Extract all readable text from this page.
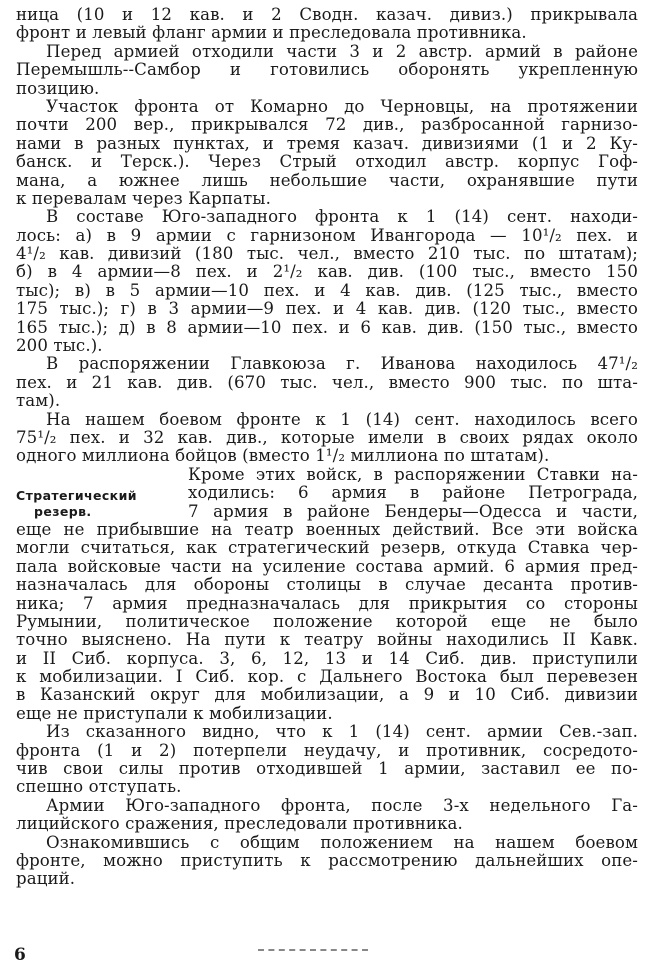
ница (10 и 12 кав. и 2 Сводн. казач. дивиз.) прикрывала
фронт и левый фланг армии и преследовала противника.
Перед армией отходили части 3 и 2 австр. армий в районе
Перемышль--Самбор и готовились оборонять укрепленную
позицию.
Участок фронта от Комарно до Черновцы, на протяжении
почти 200 вер., прикрывался 72 див., разбросанной гарнизо-
нами в разных пунктах, и тремя казач. дивизиями (1 и 2 Ку-
банск. и Терск.). Через Стрый отходил австр. корпус Гоф-
мана, а южнее лишь небольшие части, охранявшие пути
к перевалам через Карпаты.
В составе Юго-западного фронта к 1 (14) сент. находи-
лось: а) в 9 армии с гарнизоном Ивангорода — 10¹/₂ пех. и
4¹/₂ кав. дивизий (180 тыс. чел., вместо 210 тыс. по штатам);
б) в 4 армии—8 пех. и 2¹/₂ кав. див. (100 тыс., вместо 150
тыс); в) в 5 армии—10 пех. и 4 кав. див. (125 тыс., вместо
175 тыс.); г) в 3 армии—9 пех. и 4 кав. див. (120 тыс., вместо
165 тыс.); д) в 8 армии—10 пех. и 6 кав. див. (150 тыс., вместо
200 тыс.).
В распоряжении Главкоюза г. Иванова находилось 47¹/₂
пех. и 21 кав. див. (670 тыс. чел., вместо 900 тыс. по шта-
там).
На нашем боевом фронте к 1 (14) сент. находилось всего
75¹/₂ пех. и 32 кав. див., которые имели в своих рядах около
одного миллиона бойцов (вместо 1¹/₂ миллиона по штатам).
Стратегический
резерв.
Кроме этих войск, в распоряжении Ставки на-
ходились: 6 армия в районе Петрограда,
7 армия в районе Бендеры—Одесса и части,
еще не прибывшие на театр военных действий. Все эти войска
могли считаться, как стратегический резерв, откуда Ставка чер-
пала войсковые части на усиление состава армий. 6 армия пред-
назначалась для обороны столицы в случае десанта против-
ника; 7 армия предназначалась для прикрытия со стороны
Румынии, политическое положение которой еще не было
точно выяснено. На пути к театру войны находились II Кавк.
и II Сиб. корпуса. 3, 6, 12, 13 и 14 Сиб. див. приступили
к мобилизации. I Сиб. кор. с Дальнего Востока был перевезен
в Казанский округ для мобилизации, а 9 и 10 Сиб. дивизии
еще не приступали к мобилизации.
Из сказанного видно, что к 1 (14) сент. армии Сев.-зап.
фронта (1 и 2) потерпели неудачу, и противник, сосредото-
чив свои силы против отходившей 1 армии, заставил ее по-
спешно отступать.
Армии Юго-западного фронта, после 3-х недельного Га-
лицийского сражения, преследовали противника.
Ознакомившись с общим положением на нашем боевом
фронте, можно приступить к рассмотрению дальнейших опе-
раций.
6
